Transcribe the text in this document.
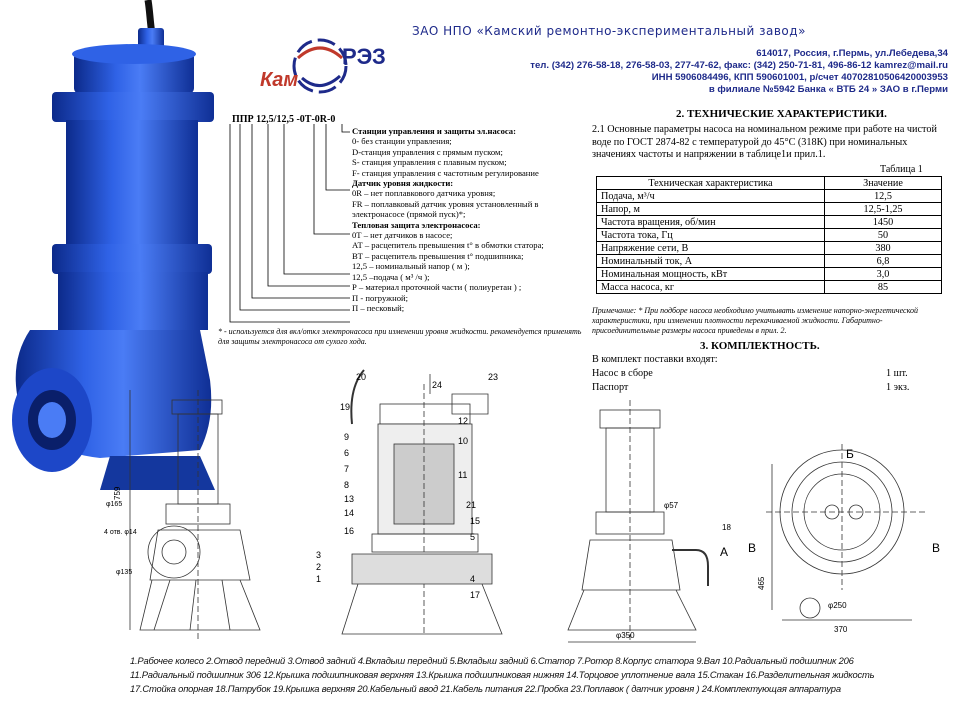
РЭЗ
Кам
ЗАО НПО «Камский ремонтно-экспериментальный завод»
614017, Россия, г.Пермь, ул.Лебедева,34
тел. (342) 276-58-18, 276-58-03, 277-47-62, факс: (342) 250-71-81, 496-86-12 kamrez@mail.ru
ИНН 5906084496, КПП 590601001, р/счет 40702810506420003953
в филиале №5942 Банка « ВТБ 24 » ЗАО в г.Перми
ППР 12,5/12,5 -0Т-0R-0
Станции управления и защиты эл.насоса:
0- без станции управления;
D-станция управления с прямым пуском;
S- станция управления с плавным пуском;
F- станция управления с частотным регулирование
Датчик уровня жидкости:
0R – нет поплавкового датчика уровня;
FR – поплавковый датчик уровня установленный в
электронасосе (прямой пуск)*;
Тепловая защита электронасоса:
0Т – нет датчиков в насосе;
АТ – расцепитель превышения t° в обмотки статора;
ВТ – расцепитель превышения t° подшипника;
12,5 – номинальный напор ( м );
12,5 –подача ( м³ /ч );
Р – материал проточной части ( полиуретан ) ;
П - погружной;
П – песковый;
* - используется для вкл/откл электронасоса при изменении уровня жидкости. рекомендуется применять для защиты электронасоса от сухого хода.
2. ТЕХНИЧЕСКИЕ ХАРАКТЕРИСТИКИ.
2.1 Основные параметры насоса на номинальном режиме при работе на чистой воде по ГОСТ 2874-82 с температурой до 45°С (318К) при номинальных значениях частоты и напряжении в таблице1и прил.1.
Таблица 1
Техническая характеристика	Значение
Подача, м³/ч	12,5
Напор, м	12,5-1,25
Частота вращения, об/мин	1450
Частота тока, Гц	50
Напряжение сети, В	380
Номинальный ток, А	6,8
Номинальная мощность, кВт	3,0
Масса насоса, кг	85
Примечание: * При подборе насоса необходимо учитывать изменение напорно-энергетической характеристики, при изменении плотности перекачиваемой жидкости. Габаритно-присоединительные размеры насоса приведены в прил. 2.
3. КОМПЛЕКТНОСТЬ.
В комплект поставки входят:
Насос в сборе	1 шт.
Паспорт	1 экз.
759
φ165
4 отв. φ14
φ135
20
24
23
19
12
9	10
6
7
8
11
13
14
21
16
15
5
3
2
1	4
17
φ57
18
А
φ350
Б
В	В
465
φ250
370
1.Рабочее колесо 2.Отвод передний 3.Отвод задний 4.Вкладыш передний 5.Вкладыш задний 6.Статор 7.Ротор 8.Корпус статора 9.Вал 10.Радиальный подшипник 206
11.Радиальный подшипник 306 12.Крышка подшипниковая верхняя 13.Крышка подшипниковая нижняя 14.Торцовое уплотнение вала 15.Стакан 16.Разделительная жидкость
17.Стойка опорная 18.Патрубок 19.Крышка верхняя 20.Кабельный ввод 21.Кабель питания 22.Пробка 23.Поплавок ( датчик уровня ) 24.Комплектующая аппаратура
